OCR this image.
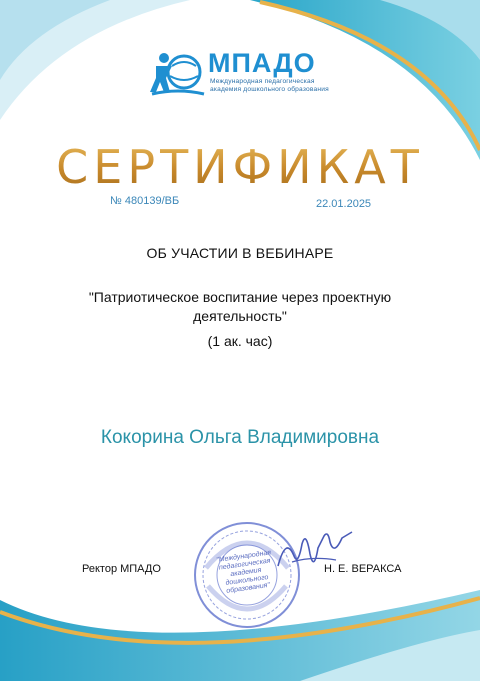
МПАДО
Международная педагогическая академия дошкольного образования
СЕРТИФИКАТ
№ 480139/ВБ	22.01.2025
ОБ УЧАСТИИ В ВЕБИНАРЕ
"Патриотическое воспитание через проектную деятельность"
(1 ак. час)
Кокорина Ольга Владимировна
Ректор МПАДО
"Международная педагогическая академия дошкольного образования"
Н. Е. ВЕРАКСА
